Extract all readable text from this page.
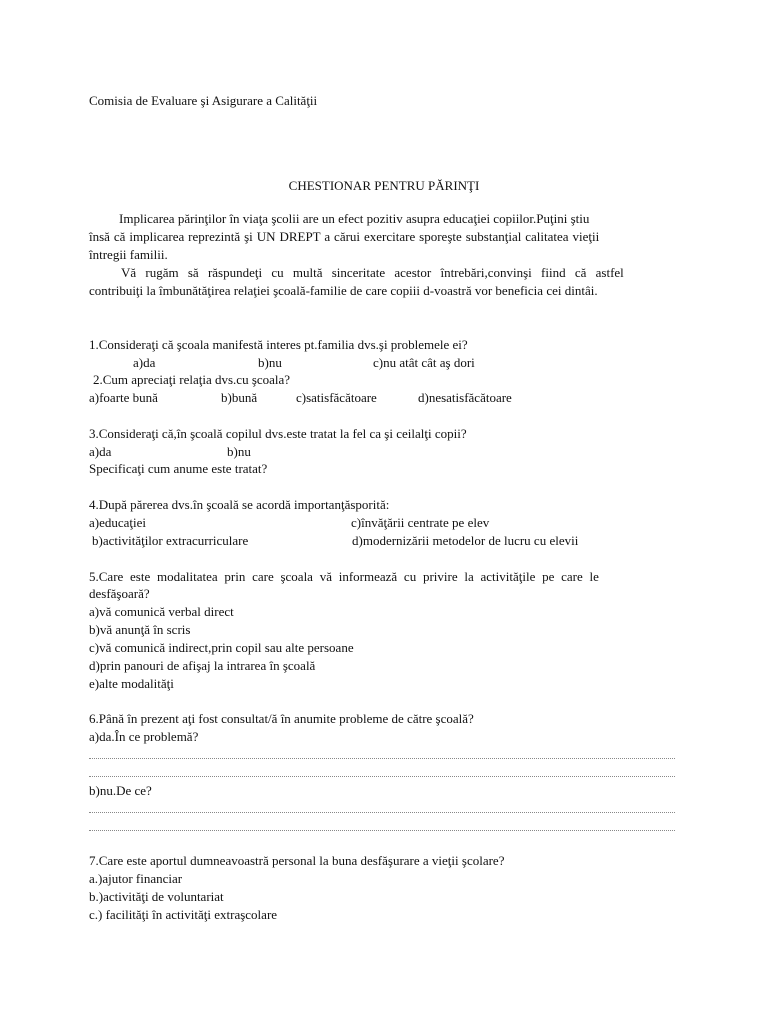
Comisia de Evaluare şi Asigurare a Calităţii
CHESTIONAR PENTRU PĂRINŢI
Implicarea părinţilor în viaţa şcolii are un efect pozitiv asupra educaţiei copiilor.Puţini ştiu
însă că implicarea reprezintă şi UN DREPT a cărui exercitare sporeşte substanţial calitatea vieţii
întregii familii.
Vă rugăm să răspundeţi cu multă sinceritate acestor întrebări,convinşi fiind că astfel
contribuiţi la îmbunătăţirea relaţiei şcoală-familie de care copiii d-voastră vor beneficia cei dintâi.
1.Consideraţi că şcoala manifestă interes pt.familia dvs.şi problemele ei?
a)da	b)nu	c)nu atât cât aş dori
2.Cum apreciaţi relaţia dvs.cu şcoala?
a)foarte bună	b)bună	c)satisfăcătoare	d)nesatisfăcătoare
3.Consideraţi că,în şcoală copilul dvs.este tratat la fel ca şi ceilalţi copii?
a)da	b)nu
Specificaţi cum anume este tratat?
4.După părerea dvs.în şcoală se acordă importanţăsporită:
a)educaţiei	c)învăţării centrate pe elev
b)activităţilor extracurriculare	d)modernizării metodelor de lucru cu elevii
5.Care este modalitatea prin care şcoala vă informează cu privire la activităţile pe care le
desfăşoară?
a)vă comunică verbal direct
b)vă anunţă în scris
c)vă comunică indirect,prin copil sau alte persoane
d)prin panouri de afişaj la intrarea în şcoală
e)alte modalităţi
6.Până în prezent aţi fost consultat/ă în anumite probleme de către şcoală?
a)da.În ce problemă?
b)nu.De ce?
7.Care este aportul dumneavoastră personal la buna desfăşurare a vieţii şcolare?
a.)ajutor financiar
b.)activităţi de voluntariat
c.) facilităţi în activităţi extraşcolare
